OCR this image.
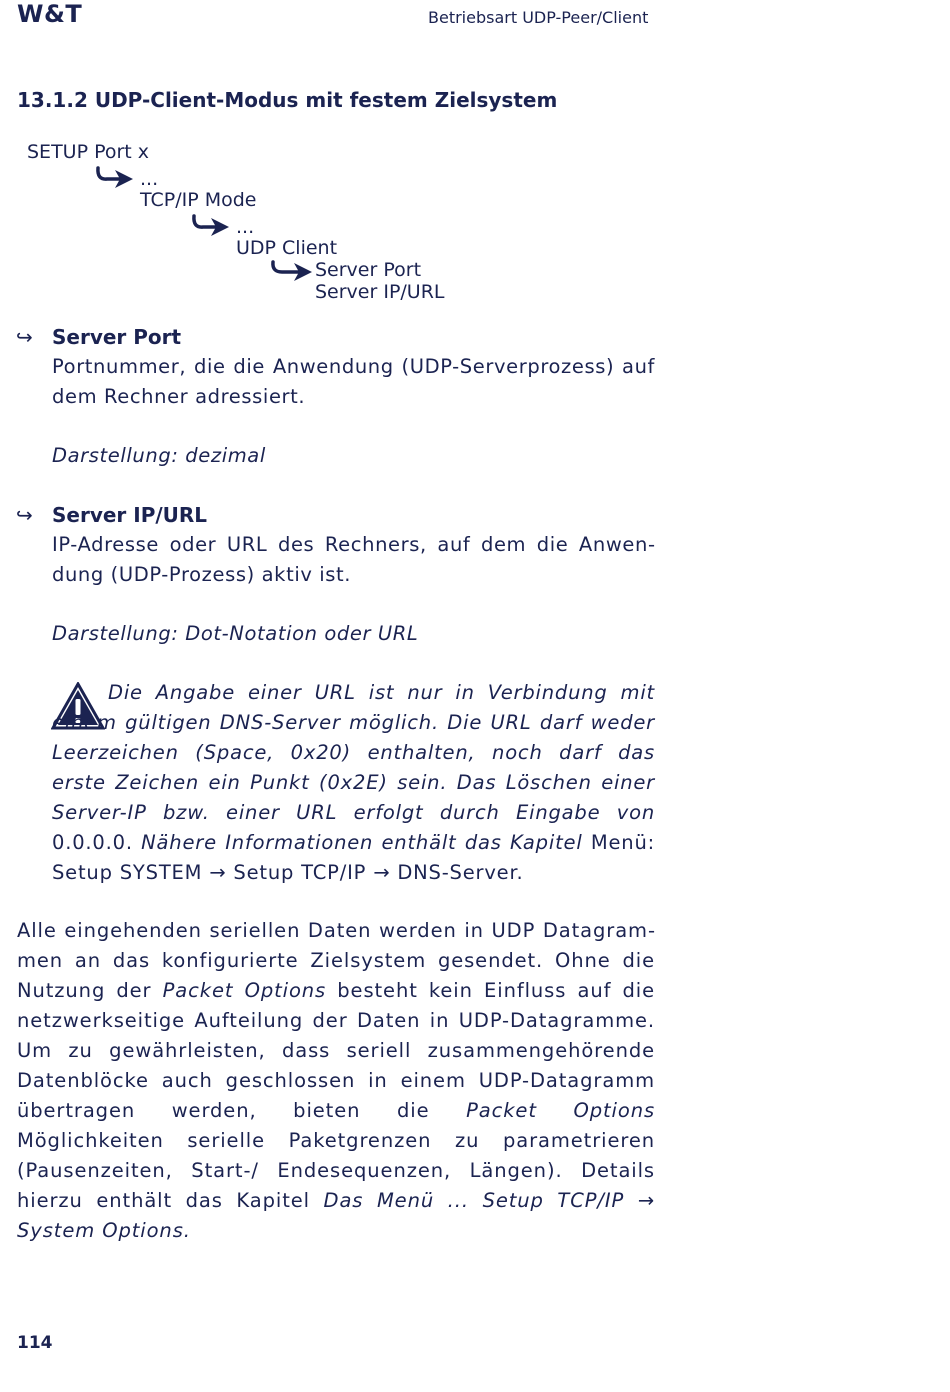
W&T	Betriebsart UDP-Peer/Client
13.1.2 UDP-Client-Modus mit festem Zielsystem
SETUP Port x
...
TCP/IP Mode
...
UDP Client
Server Port
Server IP/URL
↪ Server Port
Portnummer, die die Anwendung (UDP-Serverprozess) auf dem Rechner adressiert.
Darstellung: dezimal
↪ Server IP/URL
IP-Adresse oder URL des Rechners, auf dem die Anwendung (UDP-Prozess) aktiv ist.
Darstellung: Dot-Notation oder URL
Die Angabe einer URL ist nur in Verbindung mit einem gültigen DNS-Server möglich. Die URL darf weder Leerzeichen (Space, 0x20) enthalten, noch darf das erste Zeichen ein Punkt (0x2E) sein. Das Löschen einer Server-IP bzw. einer URL erfolgt durch Eingabe von 0.0.0.0. Nähere Informationen enthält das Kapitel Menü: Setup SYSTEM → Setup TCP/IP → DNS-Server.
Alle eingehenden seriellen Daten werden in UDP Datagrammen an das konfigurierte Zielsystem gesendet. Ohne die Nutzung der Packet Options besteht kein Einfluss auf die netzwerkseitige Aufteilung der Daten in UDP-Datagramme. Um zu gewährleisten, dass seriell zusammengehörende Datenblöcke auch geschlossen in einem UDP-Datagramm übertragen werden, bieten die Packet Options Möglichkeiten serielle Paketgrenzen zu parametrieren (Pausenzeiten, Start-/ Endesequenzen, Längen). Details hierzu enthält das Kapitel Das Menü ... Setup TCP/IP → System Options.
114
